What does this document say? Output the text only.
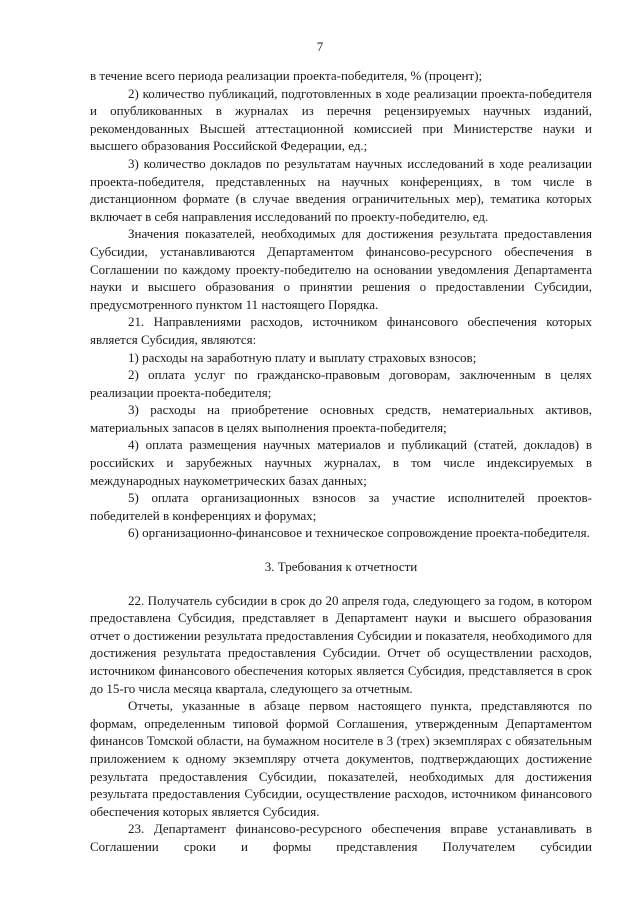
7

в течение всего периода реализации проекта-победителя, % (процент);

2) количество публикаций, подготовленных в ходе реализации проекта-победителя и опубликованных в журналах из перечня рецензируемых научных изданий, рекомендованных Высшей аттестационной комиссией при Министерстве науки и высшего образования Российской Федерации, ед.;

3) количество докладов по результатам научных исследований в ходе реализации проекта-победителя, представленных на научных конференциях, в том числе в дистанционном формате (в случае введения ограничительных мер), тематика которых включает в себя направления исследований по проекту-победителю, ед.

Значения показателей, необходимых для достижения результата предоставления Субсидии, устанавливаются Департаментом финансово-ресурсного обеспечения в Соглашении по каждому проекту-победителю на основании уведомления Департамента науки и высшего образования о принятии решения о предоставлении Субсидии, предусмотренного пунктом 11 настоящего Порядка.

21. Направлениями расходов, источником финансового обеспечения которых является Субсидия, являются:

1) расходы на заработную плату и выплату страховых взносов;

2) оплата услуг по гражданско-правовым договорам, заключенным в целях реализации проекта-победителя;

3) расходы на приобретение основных средств, нематериальных активов, материальных запасов в целях выполнения проекта-победителя;

4) оплата размещения научных материалов и публикаций (статей, докладов) в российских и зарубежных научных журналах, в том числе индексируемых в международных наукометрических базах данных;

5) оплата организационных взносов за участие исполнителей проектов-победителей в конференциях и форумах;

6) организационно-финансовое и техническое сопровождение проекта-победителя.

3. Требования к отчетности

22. Получатель субсидии в срок до 20 апреля года, следующего за годом, в котором предоставлена Субсидия, представляет в Департамент науки и высшего образования отчет о достижении результата предоставления Субсидии и показателя, необходимого для достижения результата предоставления Субсидии. Отчет об осуществлении расходов, источником финансового обеспечения которых является Субсидия, представляется в срок до 15-го числа месяца квартала, следующего за отчетным.

Отчеты, указанные в абзаце первом настоящего пункта, представляются по формам, определенным типовой формой Соглашения, утвержденным Департаментом финансов Томской области, на бумажном носителе в 3 (трех) экземплярах с обязательным приложением к одному экземпляру отчета документов, подтверждающих достижение результата предоставления Субсидии, показателей, необходимых для достижения результата предоставления Субсидии, осуществление расходов, источником финансового обеспечения которых является Субсидия.

23. Департамент финансово-ресурсного обеспечения вправе устанавливать в Соглашении сроки и формы представления Получателем субсидии
